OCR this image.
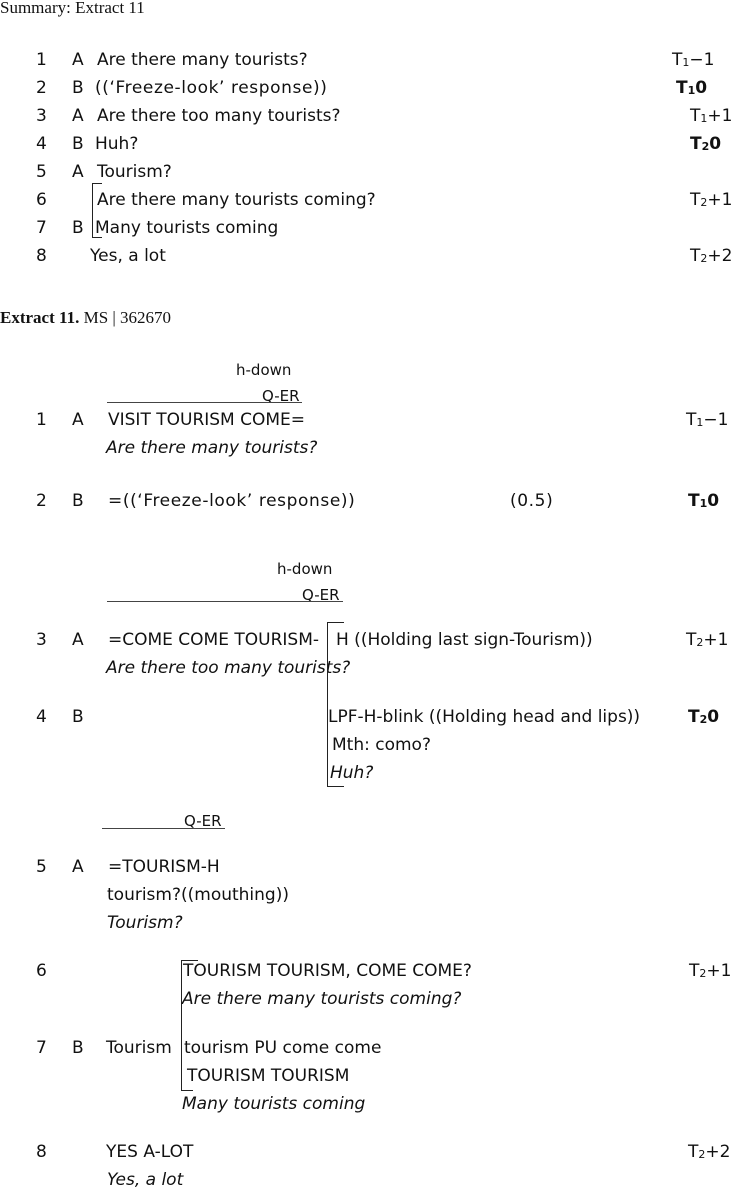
Summary: Extract 11
1 A Are there many tourists?	T1−1
2 B ((‘Freeze-look’ response))	T10
3 A Are there too many tourists?	T1+1
4 B Huh?	T20
5 A Tourism?
6	Are there many tourists coming?	T2+1
7 B Many tourists coming
8	Yes, a lot	T2+2
Extract 11. MS | 362670
h-down
Q-ER
1 A VISIT TOURISM COME=	T1−1
Are there many tourists?
2 B =((‘Freeze-look’ response))	(0.5)	T10
h-down
Q-ER
3 A =COME COME TOURISM- H ((Holding last sign-Tourism))	T2+1
Are there too many tourists?
4 B	LPF-H-blink ((Holding head and lips))	T20
Mth: como?
Huh?
Q-ER
5 A =TOURISM-H
tourism?((mouthing))
Tourism?
6	TOURISM TOURISM, COME COME?	T2+1
Are there many tourists coming?
7 B Tourism tourism PU come come
TOURISM TOURISM
Many tourists coming
8	YES A-LOT	T2+2
Yes, a lot
